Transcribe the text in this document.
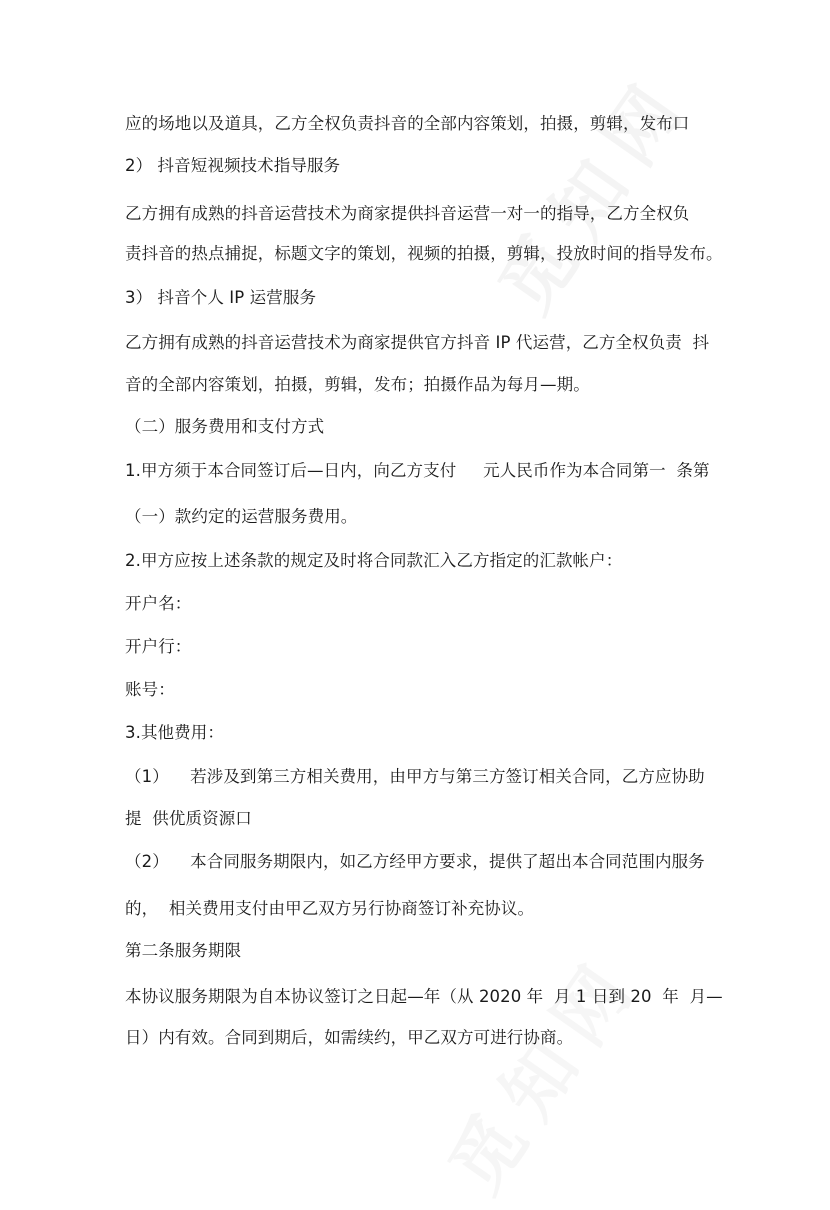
应的场地以及道具，乙方全权负责抖音的全部内容策划，拍摄，剪辑，发布口
2） 抖音短视频技术指导服务
乙方拥有成熟的抖音运营技术为商家提供抖音运营一对一的指导，乙方全权负
责抖音的热点捕捉，标题文字的策划，视频的拍摄，剪辑，投放时间的指导发布。
3） 抖音个人 IP 运营服务
乙方拥有成熟的抖音运营技术为商家提供官方抖音 IP 代运营，乙方全权负责  抖
音的全部内容策划，拍摄，剪辑，发布；拍摄作品为每月—期。
（二）服务费用和支付方式
1.甲方须于本合同签订后—日内，向乙方支付     元人民币作为本合同第一  条第
（一）款约定的运营服务费用。
2.甲方应按上述条款的规定及时将合同款汇入乙方指定的汇款帐户：
开户名：
开户行：
账号：
3.其他费用：
（1）    若涉及到第三方相关费用，由甲方与第三方签订相关合同，乙方应协助
提  供优质资源口
（2）    本合同服务期限内，如乙方经甲方要求，提供了超出本合同范围内服务
的，  相关费用支付由甲乙双方另行协商签订补充协议。
第二条服务期限
本协议服务期限为自本协议签订之日起—年（从 2020 年  月 1 日到 20  年  月—
日）内有效。合同到期后，如需续约，甲乙双方可进行协商。
